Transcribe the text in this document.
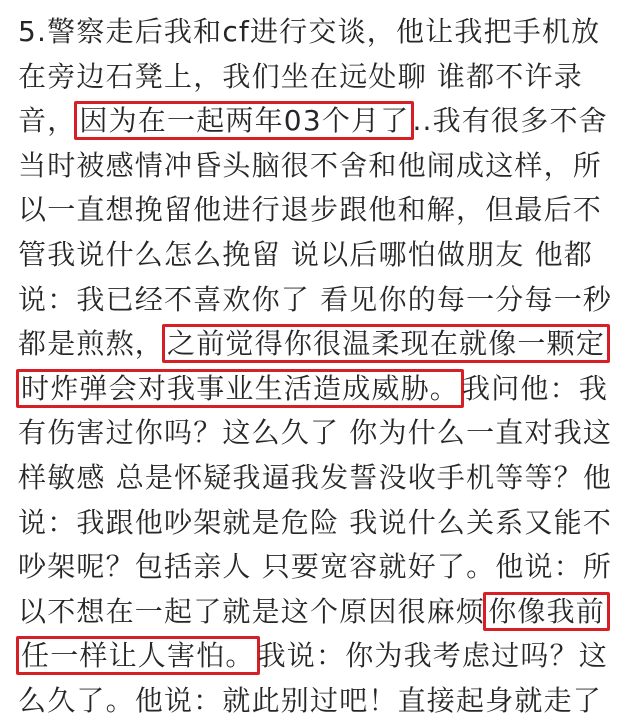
5.警察走后我和cf进行交谈，他让我把手机放
在旁边石凳上，我们坐在远处聊 谁都不许录
音， 因为在一起两年03个月了 ..我有很多不舍
当时被感情冲昏头脑很不舍和他闹成这样，所
以一直想挽留他进行退步跟他和解，但最后不
管我说什么怎么挽留 说以后哪怕做朋友 他都
说：我已经不喜欢你了 看见你的每一分每一秒
都是煎熬， 之前觉得你很温柔现在就像一颗定
时炸弹会对我事业生活造成威胁。 我问他：我
有伤害过你吗？这么久了 你为什么一直对我这
样敏感 总是怀疑我逼我发誓没收手机等等？他
说：我跟他吵架就是危险 我说什么关系又能不
吵架呢？包括亲人 只要宽容就好了。他说：所
以不想在一起了就是这个原因很麻烦 你像我前
任一样让人害怕。 我说：你为我考虑过吗？这
么久了。他说：就此别过吧！直接起身就走了
